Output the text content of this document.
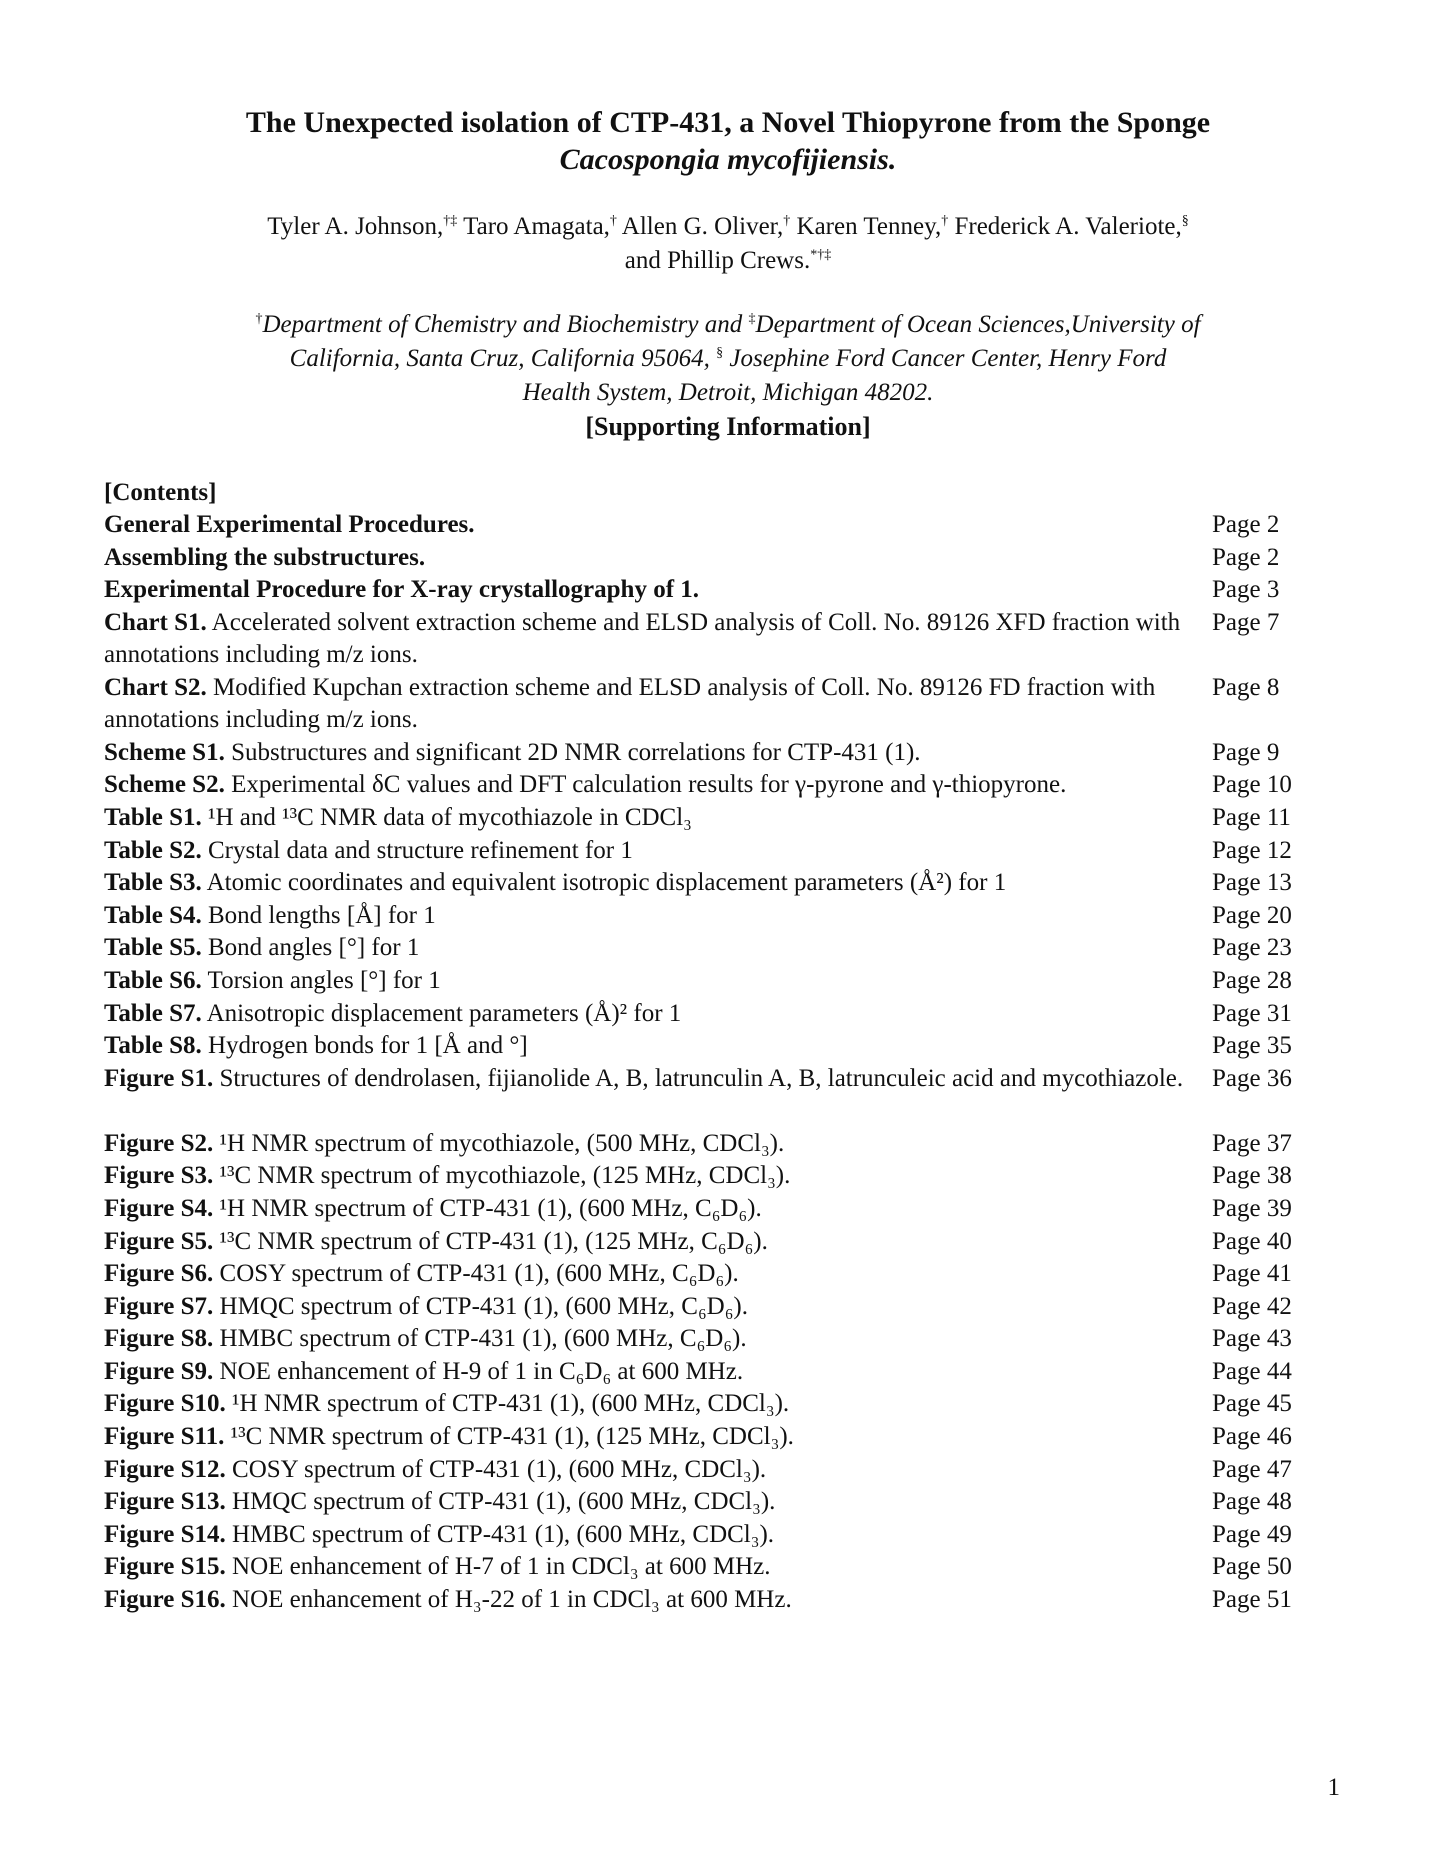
The Unexpected isolation of CTP-431, a Novel Thiopyrone from the Sponge
Cacospongia mycofijiensis.
Tyler A. Johnson,†‡ Taro Amagata,† Allen G. Oliver,† Karen Tenney,† Frederick A. Valeriote,§
and Phillip Crews.*†‡
†Department of Chemistry and Biochemistry and ‡Department of Ocean Sciences,University of
California, Santa Cruz, California 95064, § Josephine Ford Cancer Center, Henry Ford
Health System, Detroit, Michigan 48202.
[Supporting Information]
[Contents]
General Experimental Procedures.	Page 2
Assembling the substructures.	Page 2
Experimental Procedure for X-ray crystallography of 1.	Page 3
Chart S1. Accelerated solvent extraction scheme and ELSD analysis of Coll. No. 89126 XFD fraction with annotations including m/z ions.
Page 7
Chart S2. Modified Kupchan extraction scheme and ELSD analysis of Coll. No. 89126 FD fraction with annotations including m/z ions.
Page 8
Scheme S1. Substructures and significant 2D NMR correlations for CTP-431 (1).	Page 9
Scheme S2. Experimental δC values and DFT calculation results for γ-pyrone and γ-thiopyrone.	Page 10
Table S1. ¹H and ¹³C NMR data of mycothiazole in CDCl₃	Page 11
Table S2. Crystal data and structure refinement for 1	Page 12
Table S3. Atomic coordinates and equivalent isotropic displacement parameters (Å²) for 1	Page 13
Table S4. Bond lengths [Å] for 1	Page 20
Table S5. Bond angles [°] for 1	Page 23
Table S6. Torsion angles [°] for 1	Page 28
Table S7. Anisotropic displacement parameters (Å)² for 1	Page 31
Table S8. Hydrogen bonds for 1 [Å and °]	Page 35
Figure S1. Structures of dendrolasen, fijianolide A, B, latrunculin A, B, latrunculeic acid and mycothiazole.	Page 36
Figure S2. ¹H NMR spectrum of mycothiazole, (500 MHz, CDCl₃).	Page 37
Figure S3. ¹³C NMR spectrum of mycothiazole, (125 MHz, CDCl₃).	Page 38
Figure S4. ¹H NMR spectrum of CTP-431 (1), (600 MHz, C₆D₆).	Page 39
Figure S5. ¹³C NMR spectrum of CTP-431 (1), (125 MHz, C₆D₆).	Page 40
Figure S6. COSY spectrum of CTP-431 (1), (600 MHz, C₆D₆).	Page 41
Figure S7. HMQC spectrum of CTP-431 (1), (600 MHz, C₆D₆).	Page 42
Figure S8. HMBC spectrum of CTP-431 (1), (600 MHz, C₆D₆).	Page 43
Figure S9. NOE enhancement of H-9 of 1 in C₆D₆ at 600 MHz.	Page 44
Figure S10. ¹H NMR spectrum of CTP-431 (1), (600 MHz, CDCl₃).	Page 45
Figure S11. ¹³C NMR spectrum of CTP-431 (1), (125 MHz, CDCl₃).	Page 46
Figure S12. COSY spectrum of CTP-431 (1), (600 MHz, CDCl₃).	Page 47
Figure S13. HMQC spectrum of CTP-431 (1), (600 MHz, CDCl₃).	Page 48
Figure S14. HMBC spectrum of CTP-431 (1), (600 MHz, CDCl₃).	Page 49
Figure S15. NOE enhancement of H-7 of 1 in CDCl₃ at 600 MHz.	Page 50
Figure S16. NOE enhancement of H₃-22 of 1 in CDCl₃ at 600 MHz.	Page 51
1
